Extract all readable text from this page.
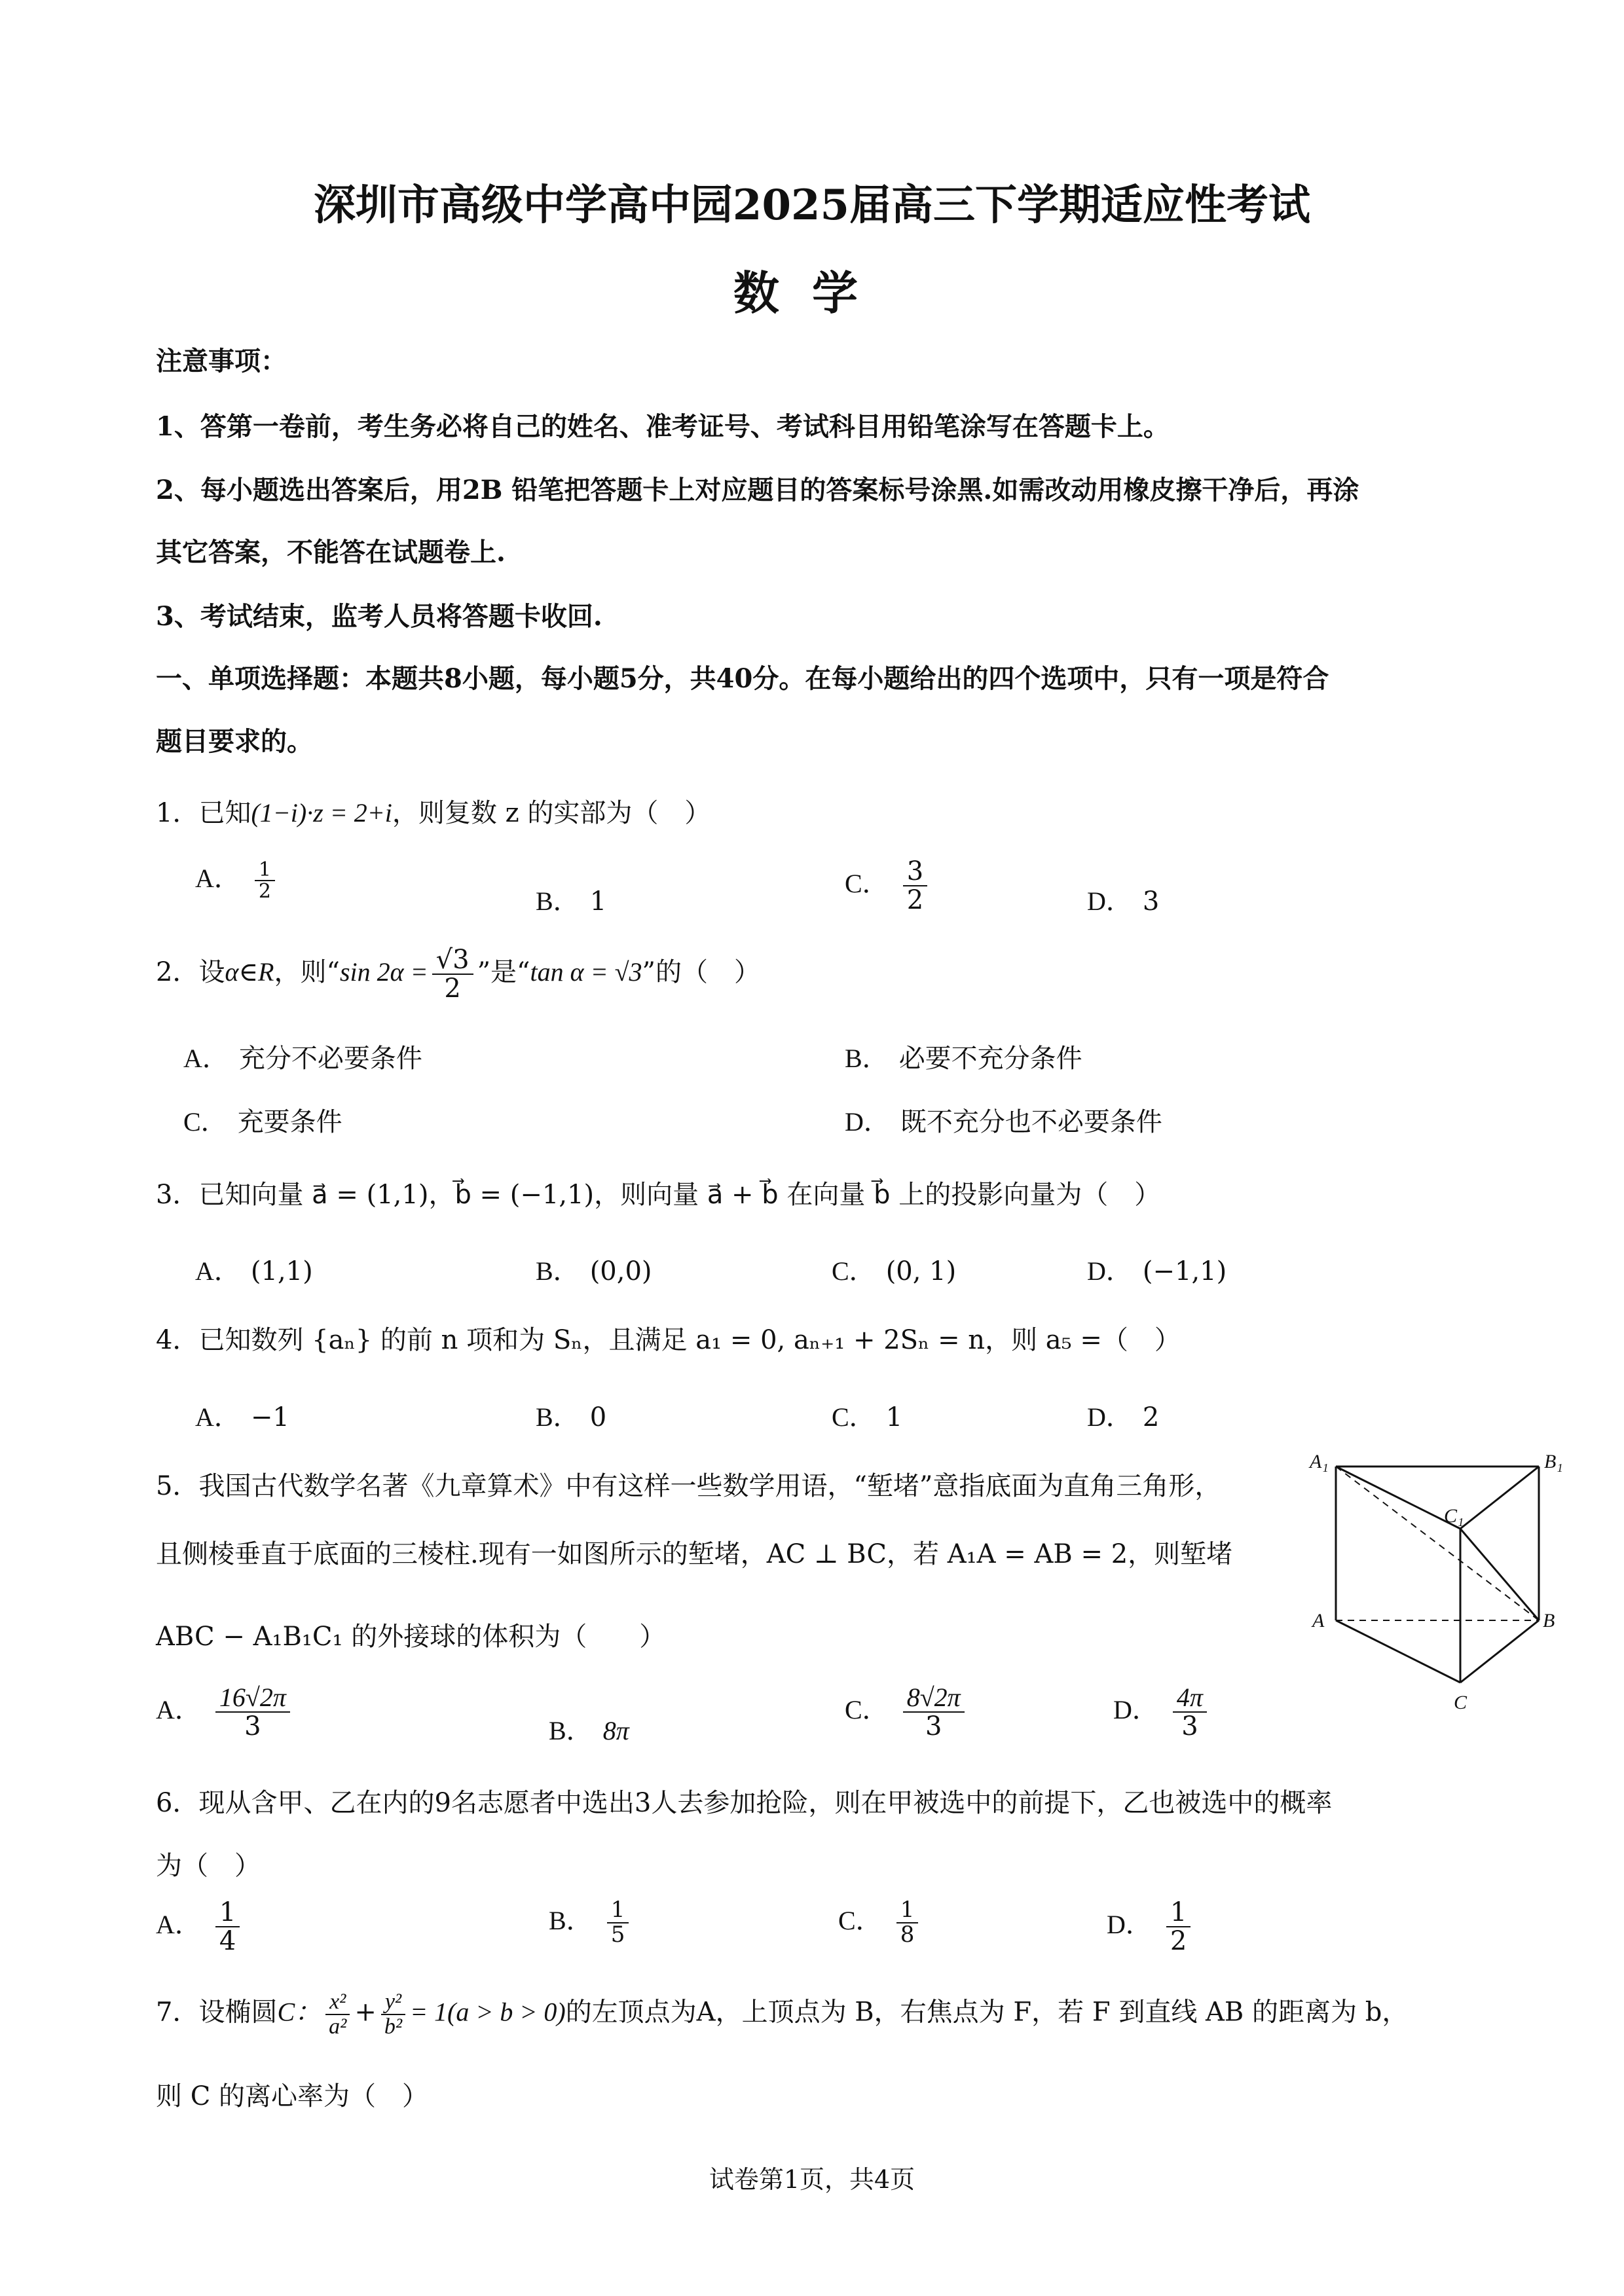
深圳市高级中学高中园2025届高三下学期适应性考试
数学
注意事项：
1、答第一卷前，考生务必将自己的姓名、准考证号、考试科目用铅笔涂写在答题卡上。
2、每小题选出答案后，用2B 铅笔把答题卡上对应题目的答案标号涂黑.如需改动用橡皮擦干净后，再涂
其它答案，不能答在试题卷上.
3、考试结束，监考人员将答题卡收回.
一、单项选择题：本题共8小题，每小题5分，共40分。在每小题给出的四个选项中，只有一项是符合
题目要求的。
1．已知(1−i)·z = 2+i，则复数 z 的实部为（　）
A． $\frac{1}{2}$	B． 1
C． $\frac{3}{2}$	D． 3
2．设α∈R，则“sin $2\alpha = \frac{√3}{2}$ ”是“tan α = √3”的（　）
A． 充分不必要条件	B． 必要不充分条件
C． 充要条件	D． 既不充分也不必要条件
3．已知向量 a⃗ = (1,1)，b⃗ = (−1,1)，则向量 a⃗ + b⃗ 在向量 b⃗ 上的投影向量为（　）
A． (1,1)	B． (0,0)	C． (0, 1)	D． (−1,1)
4．已知数列 {aₙ} 的前 n 项和为 Sₙ，且满足 a₁ = 0, aₙ₊₁ + 2Sₙ = n，则 a₅ =（　）
A． −1	B． 0	C． 1	D． 2
5．我国古代数学名著《九章算术》中有这样一些数学用语，“堑堵”意指底面为直角三角形，
且侧棱垂直于底面的三棱柱.现有一如图所示的堑堵，AC ⊥ BC，若 A₁A = AB = 2，则堑堵
ABC − A₁B₁C₁ 的外接球的体积为（　　）
A₁	B₁
C₁
A	B
C
A． $\frac{16√2\pi}{3}$	B． 8π
C． $\frac{8√2\pi}{3}$	D． $\frac{4\pi}{3}$
6．现从含甲、乙在内的9名志愿者中选出3人去参加抢险，则在甲被选中的前提下，乙也被选中的概率
为（　）
A． $\frac{1}{4}$	B． $\frac{1}{5}$	C． $\frac{1}{8}$	D． $\frac{1}{2}$
7．设椭圆C： $\frac{\text{x²}}{\text{a²}} + \frac{\text{y²}}{\text{b²}} = 1(a > b > 0)$的左顶点为A，上顶点为 B，右焦点为 F，若 F 到直线 AB 的距离为 b，
则 C 的离心率为（　）
试卷第1页，共4页
